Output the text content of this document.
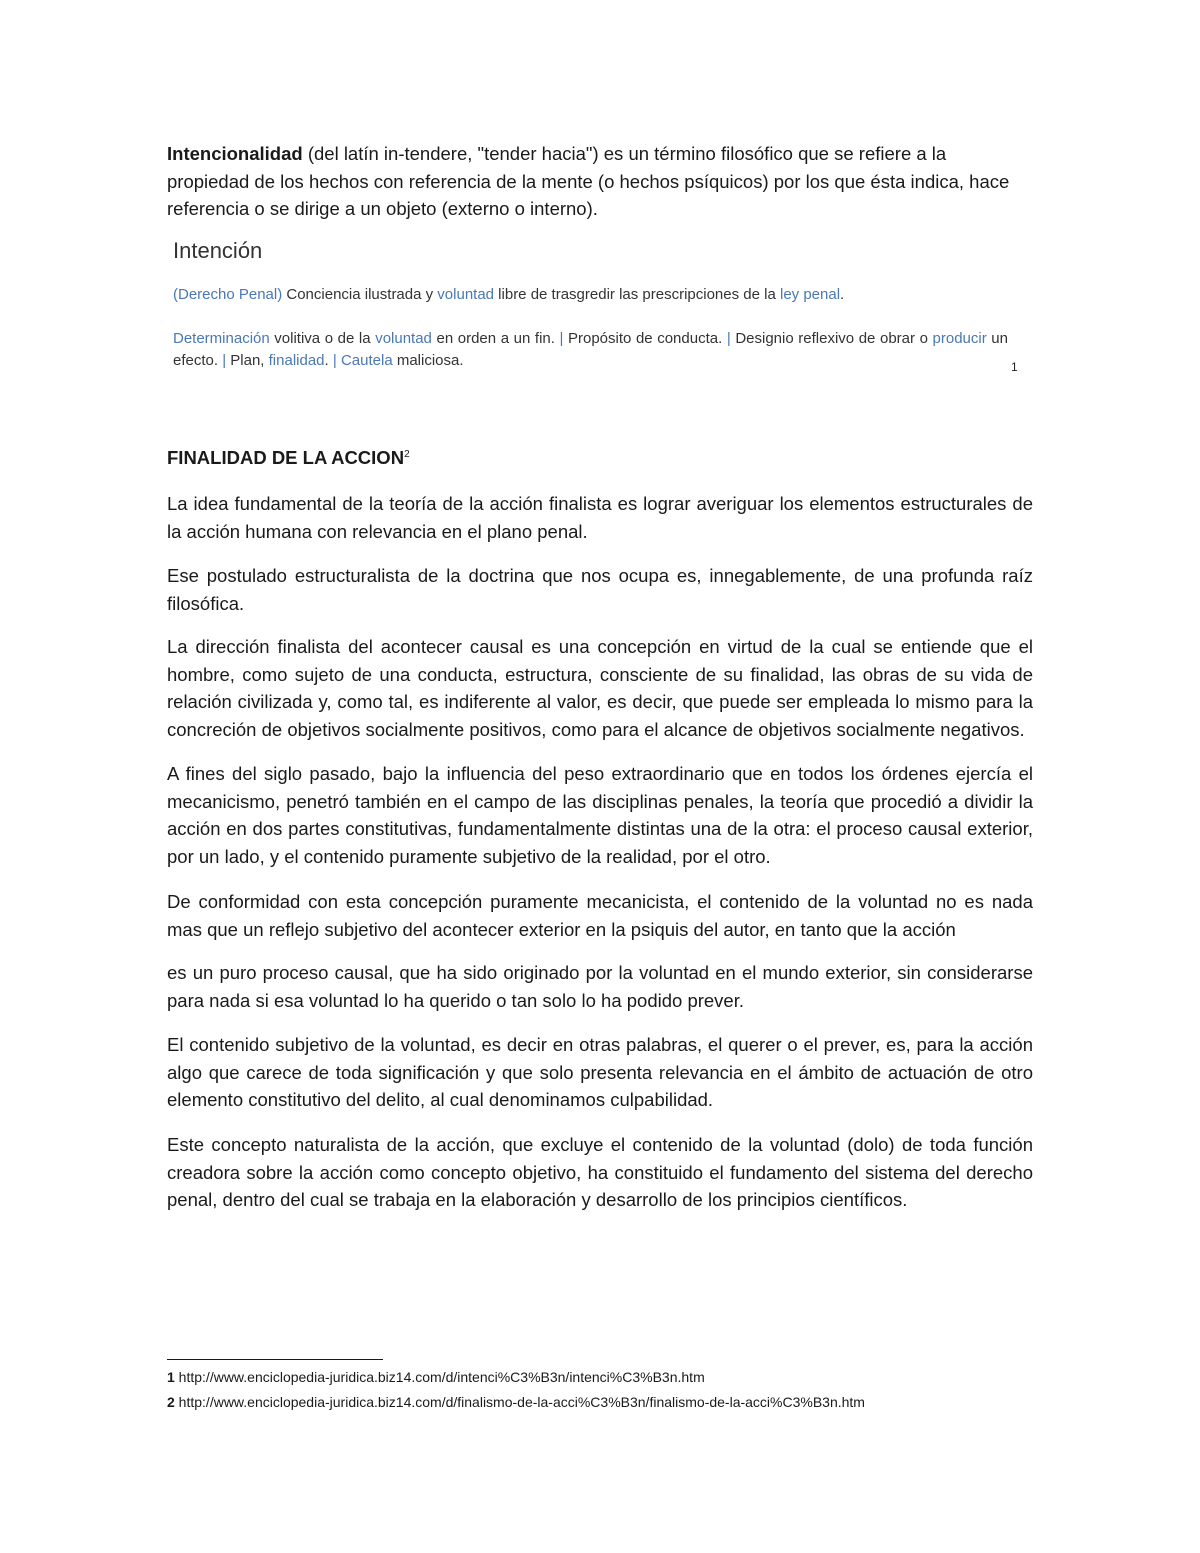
Intencionalidad (del latín in-tendere, "tender hacia") es un término filosófico que se refiere a la propiedad de los hechos con referencia de la mente (o hechos psíquicos) por los que ésta indica, hace referencia o se dirige a un objeto (externo o interno).

Intención

(Derecho Penal) Conciencia ilustrada y voluntad libre de trasgredir las prescripciones de la ley penal.

Determinación volitiva o de la voluntad en orden a un fin. | Propósito de conducta. | Designio reflexivo de obrar o producir un efecto. | Plan, finalidad. | Cautela maliciosa.	1

FINALIDAD DE LA ACCION$^2$

La idea fundamental de la teoría de la acción finalista es lograr averiguar los elementos estructurales de la acción humana con relevancia en el plano penal.

Ese postulado estructuralista de la doctrina que nos ocupa es, innegablemente, de una profunda raíz filosófica.

La dirección finalista del acontecer causal es una concepción en virtud de la cual se entiende que el hombre, como sujeto de una conducta, estructura, consciente de su finalidad, las obras de su vida de relación civilizada y, como tal, es indiferente al valor, es decir, que puede ser empleada lo mismo para la concreción de objetivos socialmente positivos, como para el alcance de objetivos socialmente negativos.

A fines del siglo pasado, bajo la influencia del peso extraordinario que en todos los órdenes ejercía el mecanicismo, penetró también en el campo de las disciplinas penales, la teoría que procedió a dividir la acción en dos partes constitutivas, fundamentalmente distintas una de la otra: el proceso causal exterior, por un lado, y el contenido puramente subjetivo de la realidad, por el otro.

De conformidad con esta concepción puramente mecanicista, el contenido de la voluntad no es nada mas que un reflejo subjetivo del acontecer exterior en la psiquis del autor, en tanto que la acción

es un puro proceso causal, que ha sido originado por la voluntad en el mundo exterior, sin considerarse para nada si esa voluntad lo ha querido o tan solo lo ha podido prever.

El contenido subjetivo de la voluntad, es decir en otras palabras, el querer o el prever, es, para la acción algo que carece de toda significación y que solo presenta relevancia en el ámbito de actuación de otro elemento constitutivo del delito, al cual denominamos culpabilidad.

Este concepto naturalista de la acción, que excluye el contenido de la voluntad (dolo) de toda función creadora sobre la acción como concepto objetivo, ha constituido el fundamento del sistema del derecho penal, dentro del cual se trabaja en la elaboración y desarrollo de los principios científicos.

1 http://www.enciclopedia-juridica.biz14.com/d/intenci%C3%B3n/intenci%C3%B3n.htm

2 http://www.enciclopedia-juridica.biz14.com/d/finalismo-de-la-acci%C3%B3n/finalismo-de-la-acci%C3%B3n.htm
